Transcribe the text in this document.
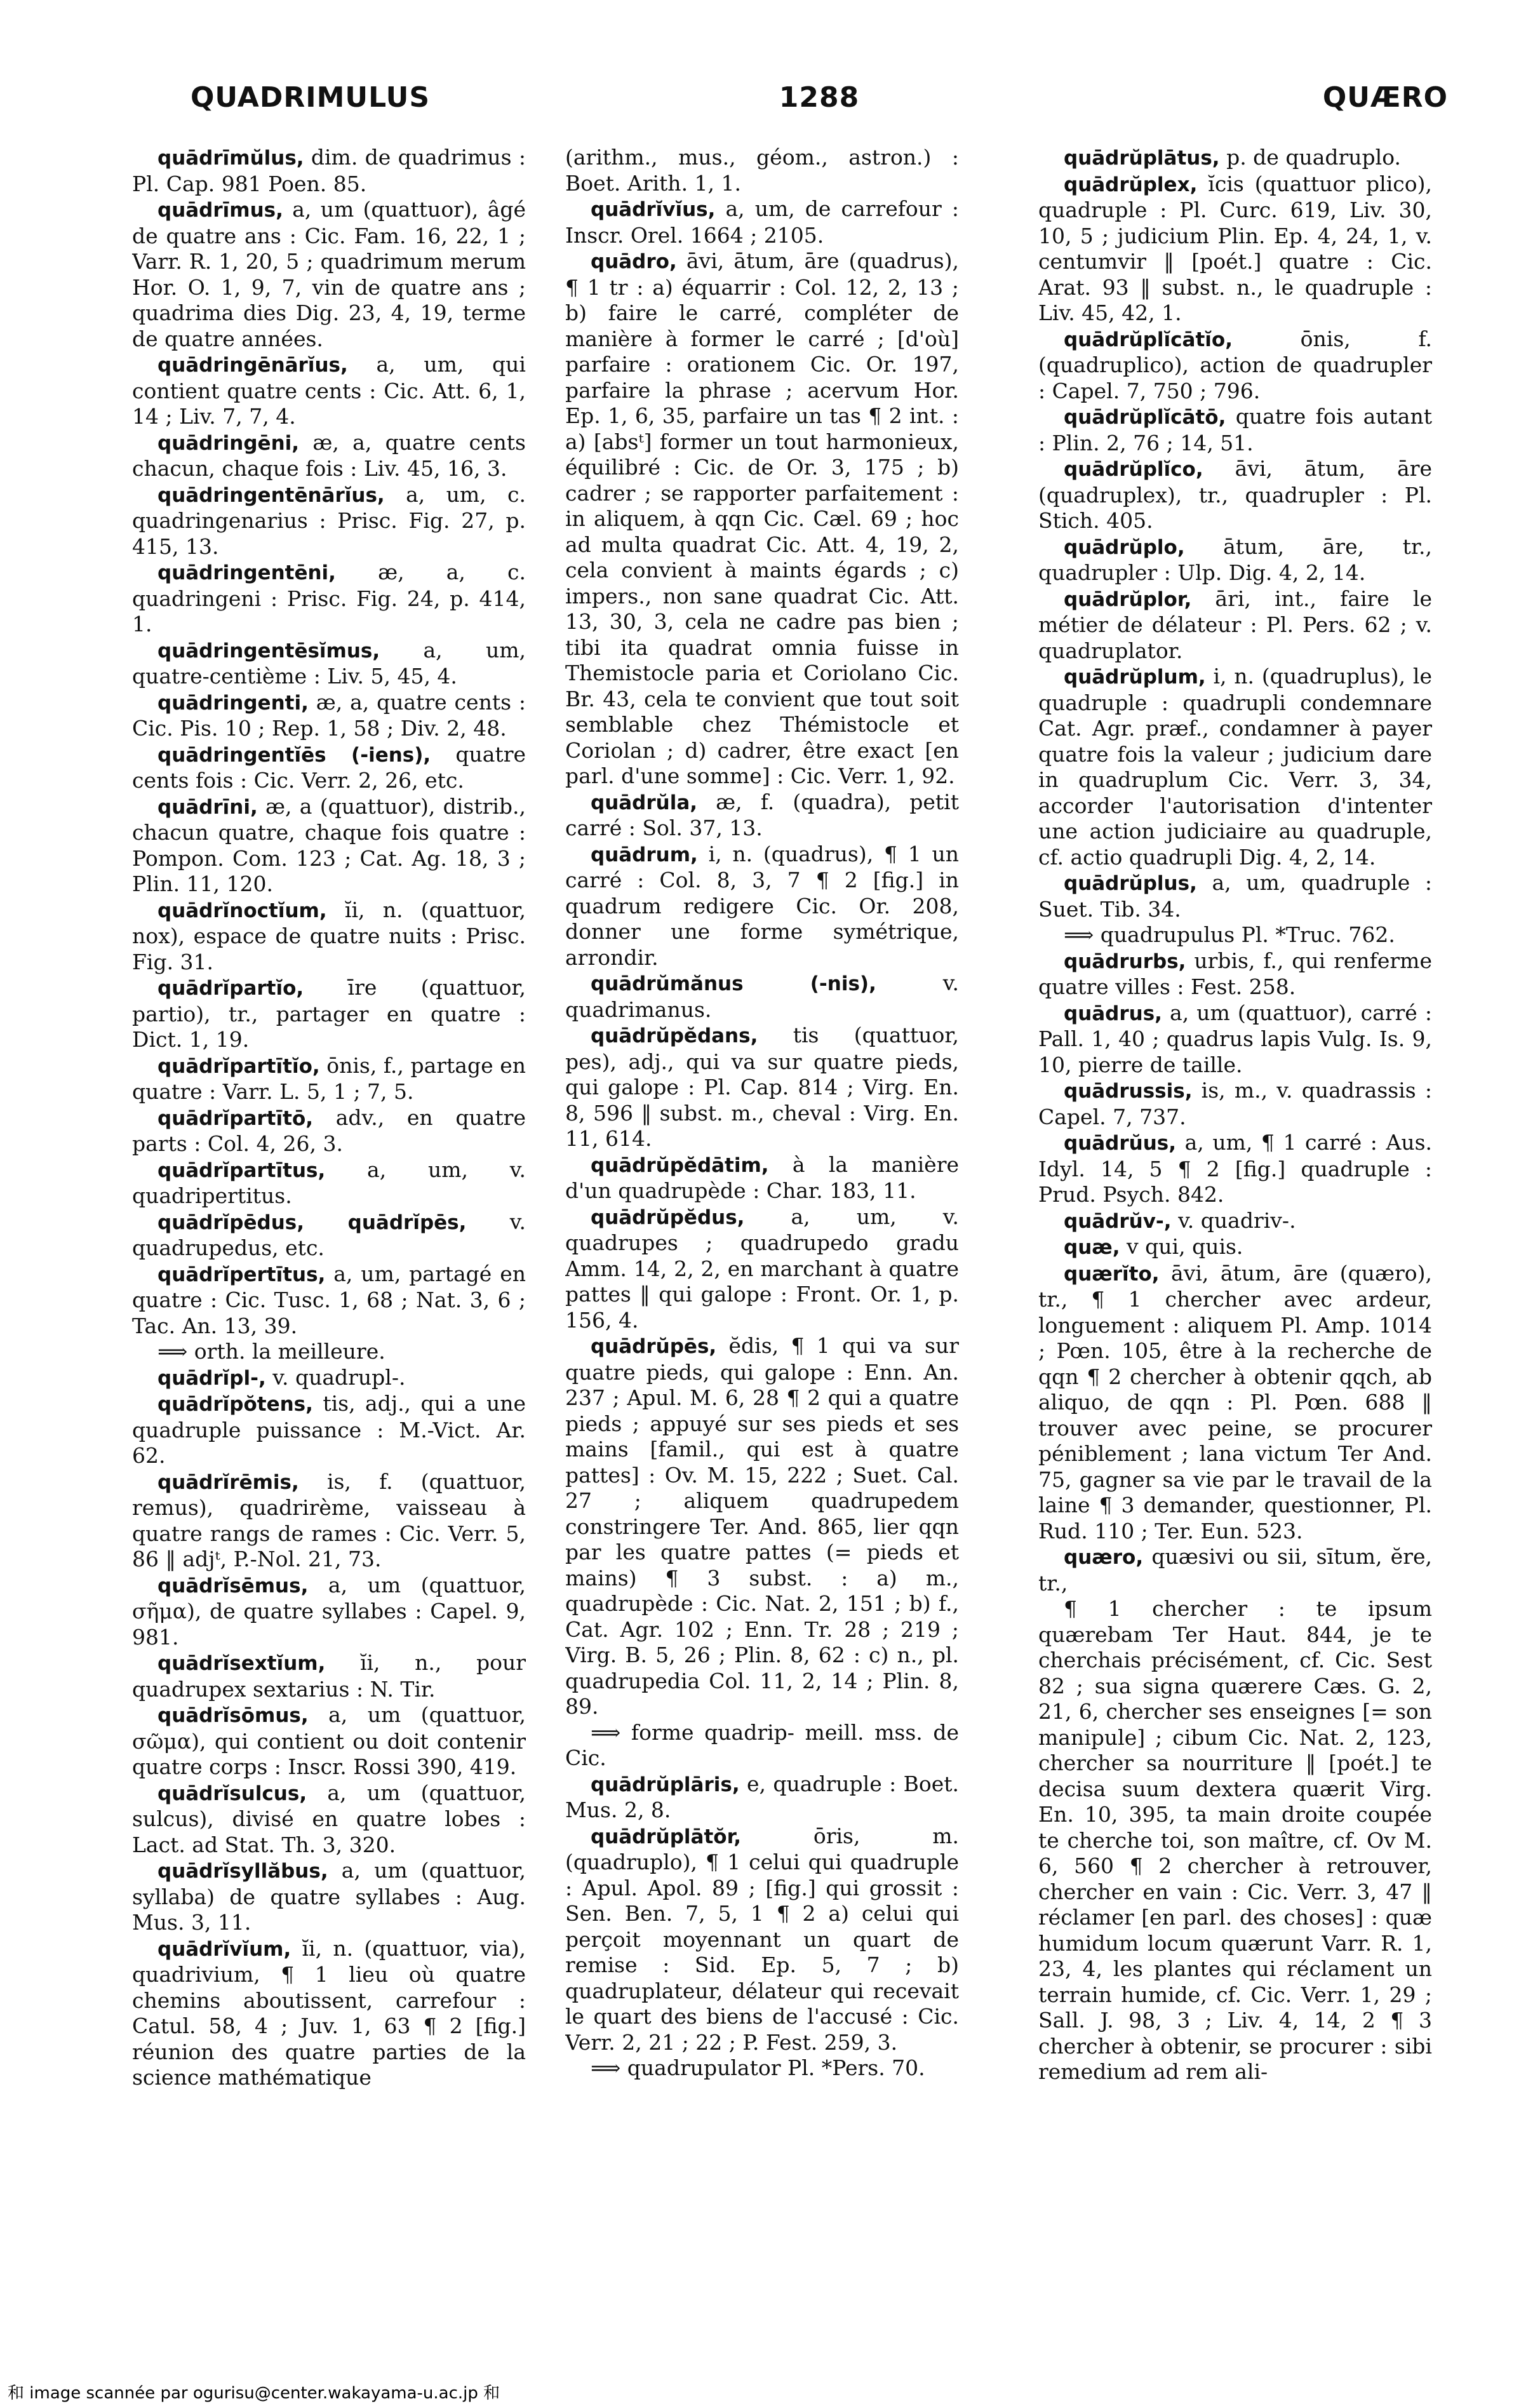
QUADRIMULUS	1288	QUÆRO

quādrīmŭlus, dim. de quadrimus : Pl. Cap. 981 Poen. 85.

quādrīmus, a, um (quattuor), âgé de quatre ans : Cic. Fam. 16, 22, 1 ; Varr. R. 1, 20, 5 ; quadrimum merum Hor. O. 1, 9, 7, vin de quatre ans ; quadrima dies Dig. 23, 4, 19, terme de quatre années.

quādringēnārĭus, a, um, qui contient quatre cents : Cic. Att. 6, 1, 14 ; Liv. 7, 7, 4.

quādringēni, æ, a, quatre cents chacun, chaque fois : Liv. 45, 16, 3.

quādringentēnārĭus, a, um, c. quadringenarius : Prisc. Fig. 27, p. 415, 13.

quādringentēni, æ, a, c. quadringeni : Prisc. Fig. 24, p. 414, 1.

quādringentēsĭmus, a, um, quatre-centième : Liv. 5, 45, 4.

quādringenti, æ, a, quatre cents : Cic. Pis. 10 ; Rep. 1, 58 ; Div. 2, 48.

quādringentĭēs (-iens), quatre cents fois : Cic. Verr. 2, 26, etc.

quādrīni, æ, a (quattuor), distrib., chacun quatre, chaque fois quatre : Pompon. Com. 123 ; Cat. Ag. 18, 3 ; Plin. 11, 120.

quādrĭnoctĭum, ĭi, n. (quattuor, nox), espace de quatre nuits : Prisc. Fig. 31.

quādrĭpartĭo, īre (quattuor, partio), tr., partager en quatre : Dict. 1, 19.

quādrĭpartītĭo, ōnis, f., partage en quatre : Varr. L. 5, 1 ; 7, 5.

quādrĭpartītō, adv., en quatre parts : Col. 4, 26, 3.

quādrĭpartītus, a, um, v. quadripertitus.

quādrĭpēdus, quādrĭpēs, v. quadrupedus, etc.

quādrĭpertītus, a, um, partagé en quatre : Cic. Tusc. 1, 68 ; Nat. 3, 6 ; Tac. An. 13, 39.

⟹ orth. la meilleure.

quādrĭpl-, v. quadrupl-.

quādrĭpŏtens, tis, adj., qui a une quadruple puissance : M.-Vict. Ar. 62.

quādrĭrēmis, is, f. (quattuor, remus), quadrirème, vaisseau à quatre rangs de rames : Cic. Verr. 5, 86 ‖ adjᵗ, P.-Nol. 21, 73.

quādrĭsēmus, a, um (quattuor, σῆμα), de quatre syllabes : Capel. 9, 981.

quādrĭsextĭum, ĭi, n., pour quadrupex sextarius : N. Tir.

quādrĭsōmus, a, um (quattuor, σῶμα), qui contient ou doit contenir quatre corps : Inscr. Rossi 390, 419.

quādrĭsulcus, a, um (quattuor, sulcus), divisé en quatre lobes : Lact. ad Stat. Th. 3, 320.

quādrĭsyllăbus, a, um (quattuor, syllaba) de quatre syllabes : Aug. Mus. 3, 11.

quādrĭvĭum, ĭi, n. (quattuor, via), quadrivium, ¶ 1 lieu où quatre chemins aboutissent, carrefour : Catul. 58, 4 ; Juv. 1, 63 ¶ 2 [fig.] réunion des quatre parties de la science mathématique

(arithm., mus., géom., astron.) : Boet. Arith. 1, 1.

quādrĭvĭus, a, um, de carrefour : Inscr. Orel. 1664 ; 2105.

quādro, āvi, ātum, āre (quadrus), ¶ 1 tr : a) équarrir : Col. 12, 2, 13 ; b) faire le carré, compléter de manière à former le carré ; [d'où] parfaire : orationem Cic. Or. 197, parfaire la phrase ; acervum Hor. Ep. 1, 6, 35, parfaire un tas ¶ 2 int. : a) [absᵗ] former un tout harmonieux, équilibré : Cic. de Or. 3, 175 ; b) cadrer ; se rapporter parfaitement : in aliquem, à qqn Cic. Cæl. 69 ; hoc ad multa quadrat Cic. Att. 4, 19, 2, cela convient à maints égards ; c) impers., non sane quadrat Cic. Att. 13, 30, 3, cela ne cadre pas bien ; tibi ita quadrat omnia fuisse in Themistocle paria et Coriolano Cic. Br. 43, cela te convient que tout soit semblable chez Thémistocle et Coriolan ; d) cadrer, être exact [en parl. d'une somme] : Cic. Verr. 1, 92.

quādrŭla, æ, f. (quadra), petit carré : Sol. 37, 13.

quādrum, i, n. (quadrus), ¶ 1 un carré : Col. 8, 3, 7 ¶ 2 [fig.] in quadrum redigere Cic. Or. 208, donner une forme symétrique, arrondir.

quādrŭmănus (-nis), v. quadrimanus.

quādrŭpĕdans, tis (quattuor, pes), adj., qui va sur quatre pieds, qui galope : Pl. Cap. 814 ; Virg. En. 8, 596 ‖ subst. m., cheval : Virg. En. 11, 614.

quādrŭpĕdātim, à la manière d'un quadrupède : Char. 183, 11.

quādrŭpĕdus, a, um, v. quadrupes ; quadrupedo gradu Amm. 14, 2, 2, en marchant à quatre pattes ‖ qui galope : Front. Or. 1, p. 156, 4.

quādrŭpēs, ĕdis, ¶ 1 qui va sur quatre pieds, qui galope : Enn. An. 237 ; Apul. M. 6, 28 ¶ 2 qui a quatre pieds ; appuyé sur ses pieds et ses mains [famil., qui est à quatre pattes] : Ov. M. 15, 222 ; Suet. Cal. 27 ; aliquem quadrupedem constringere Ter. And. 865, lier qqn par les quatre pattes (= pieds et mains) ¶ 3 subst. : a) m., quadrupède : Cic. Nat. 2, 151 ; b) f., Cat. Agr. 102 ; Enn. Tr. 28 ; 219 ; Virg. B. 5, 26 ; Plin. 8, 62 : c) n., pl. quadrupedia Col. 11, 2, 14 ; Plin. 8, 89.

⟹ forme quadrip- meill. mss. de Cic.

quādrŭplāris, e, quadruple : Boet. Mus. 2, 8.

quādrŭplātŏr, ōris, m. (quadruplo), ¶ 1 celui qui quadruple : Apul. Apol. 89 ; [fig.] qui grossit : Sen. Ben. 7, 5, 1 ¶ 2 a) celui qui perçoit moyennant un quart de remise : Sid. Ep. 5, 7 ; b) quadruplateur, délateur qui recevait le quart des biens de l'accusé : Cic. Verr. 2, 21 ; 22 ; P. Fest. 259, 3.

⟹ quadrupulator Pl. *Pers. 70.

quādrŭplātus, p. de quadruplo.

quādrŭplex, ĭcis (quattuor plico), quadruple : Pl. Curc. 619, Liv. 30, 10, 5 ; judicium Plin. Ep. 4, 24, 1, v. centumvir ‖ [poét.] quatre : Cic. Arat. 93 ‖ subst. n., le quadruple : Liv. 45, 42, 1.

quādrŭplĭcātĭo, ōnis, f. (quadruplico), action de quadrupler : Capel. 7, 750 ; 796.

quādrŭplĭcātō, quatre fois autant : Plin. 2, 76 ; 14, 51.

quādrŭplĭco, āvi, ātum, āre (quadruplex), tr., quadrupler : Pl. Stich. 405.

quādrŭplo, ātum, āre, tr., quadrupler : Ulp. Dig. 4, 2, 14.

quādrŭplor, āri, int., faire le métier de délateur : Pl. Pers. 62 ; v. quadruplator.

quādrŭplum, i, n. (quadruplus), le quadruple : quadrupli condemnare Cat. Agr. præf., condamner à payer quatre fois la valeur ; judicium dare in quadruplum Cic. Verr. 3, 34, accorder l'autorisation d'intenter une action judiciaire au quadruple, cf. actio quadrupli Dig. 4, 2, 14.

quādrŭplus, a, um, quadruple : Suet. Tib. 34.

⟹ quadrupulus Pl. *Truc. 762.

quādrurbs, urbis, f., qui renferme quatre villes : Fest. 258.

quādrus, a, um (quattuor), carré : Pall. 1, 40 ; quadrus lapis Vulg. Is. 9, 10, pierre de taille.

quādrussis, is, m., v. quadrassis : Capel. 7, 737.

quādrŭus, a, um, ¶ 1 carré : Aus. Idyl. 14, 5 ¶ 2 [fig.] quadruple : Prud. Psych. 842.

quādrŭv-, v. quadriv-.

quæ, v qui, quis.

quærĭto, āvi, ātum, āre (quæro), tr., ¶ 1 chercher avec ardeur, longuement : aliquem Pl. Amp. 1014 ; Pœn. 105, être à la recherche de qqn ¶ 2 chercher à obtenir qqch, ab aliquo, de qqn : Pl. Pœn. 688 ‖ trouver avec peine, se procurer péniblement ; lana victum Ter And. 75, gagner sa vie par le travail de la laine ¶ 3 demander, questionner, Pl. Rud. 110 ; Ter. Eun. 523.

quæro, quæsivi ou sii, sītum, ĕre, tr.,

¶ 1 chercher : te ipsum quærebam Ter Haut. 844, je te cherchais précisément, cf. Cic. Sest 82 ; sua signa quærere Cæs. G. 2, 21, 6, chercher ses enseignes [= son manipule] ; cibum Cic. Nat. 2, 123, chercher sa nourriture ‖ [poét.] te decisa suum dextera quærit Virg. En. 10, 395, ta main droite coupée te cherche toi, son maître, cf. Ov M. 6, 560 ¶ 2 chercher à retrouver, chercher en vain : Cic. Verr. 3, 47 ‖ réclamer [en parl. des choses] : quæ humidum locum quærunt Varr. R. 1, 23, 4, les plantes qui réclament un terrain humide, cf. Cic. Verr. 1, 29 ; Sall. J. 98, 3 ; Liv. 4, 14, 2 ¶ 3 chercher à obtenir, se procurer : sibi remedium ad rem ali-

和 image scannée par ogurisu@center.wakayama-u.ac.jp 和
